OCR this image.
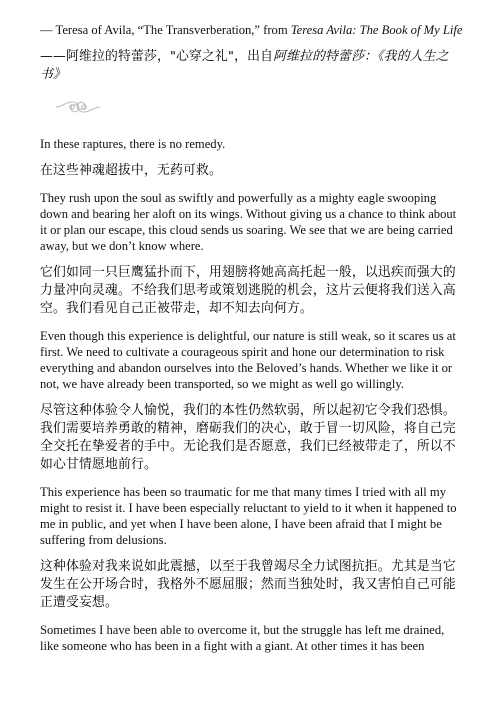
— Teresa of Avila, “The Transverberation,” from Teresa Avila: The Book of My Life

——阿维拉的特蕾莎，"心穿之礼"，出自阿维拉的特蕾莎：《我的人生之书》

In these raptures, there is no remedy.

在这些神魂超拔中，无药可救。

They rush upon the soul as swiftly and powerfully as a mighty eagle swooping down and bearing her aloft on its wings. Without giving us a chance to think about it or plan our escape, this cloud sends us soaring. We see that we are being carried away, but we don’t know where.

它们如同一只巨鹰猛扑而下，用翅膀将她高高托起一般，以迅疾而强大的力量冲向灵魂。不给我们思考或策划逃脱的机会，这片云便将我们送入高空。我们看见自己正被带走，却不知去向何方。

Even though this experience is delightful, our nature is still weak, so it scares us at first. We need to cultivate a courageous spirit and hone our determination to risk everything and abandon ourselves into the Beloved’s hands. Whether we like it or not, we have already been transported, so we might as well go willingly.

尽管这种体验令人愉悦，我们的本性仍然软弱，所以起初它令我们恐惧。我们需要培养勇敢的精神，磨砺我们的决心，敢于冒一切风险，将自己完全交托在挚爱者的手中。无论我们是否愿意，我们已经被带走了，所以不如心甘情愿地前行。

This experience has been so traumatic for me that many times I tried with all my might to resist it. I have been especially reluctant to yield to it when it happened to me in public, and yet when I have been alone, I have been afraid that I might be suffering from delusions.

这种体验对我来说如此震撼，以至于我曾竭尽全力试图抗拒。尤其是当它发生在公开场合时，我格外不愿屈服；然而当独处时，我又害怕自己可能正遭受妄想。

Sometimes I have been able to overcome it, but the struggle has left me drained, like someone who has been in a fight with a giant. At other times it has been
